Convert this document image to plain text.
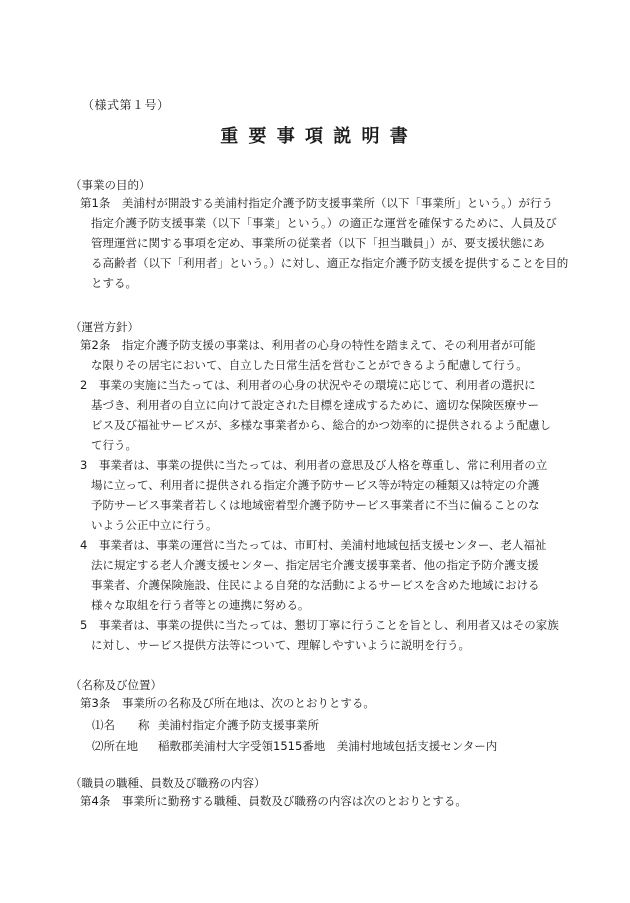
（様式第１号）
重 要 事 項 説 明 書
（事業の目的）
第1条　美浦村が開設する美浦村指定介護予防支援事業所（以下「事業所」という。）が行う
指定介護予防支援事業（以下「事業」という。）の適正な運営を確保するために、人員及び
管理運営に関する事項を定め、事業所の従業者（以下「担当職員」）が、要支援状態にあ
る高齢者（以下「利用者」という。）に対し、適正な指定介護予防支援を提供することを目的
とする。
（運営方針）
第2条　指定介護予防支援の事業は、利用者の心身の特性を踏まえて、その利用者が可能
な限りその居宅において、自立した日常生活を営むことができるよう配慮して行う。
2　事業の実施に当たっては、利用者の心身の状況やその環境に応じて、利用者の選択に
基づき、利用者の自立に向けて設定された目標を達成するために、適切な保険医療サー
ビス及び福祉サービスが、多様な事業者から、総合的かつ効率的に提供されるよう配慮し
て行う。
3　事業者は、事業の提供に当たっては、利用者の意思及び人格を尊重し、常に利用者の立
場に立って、利用者に提供される指定介護予防サービス等が特定の種類又は特定の介護
予防サービス事業者若しくは地域密着型介護予防サービス事業者に不当に偏ることのな
いよう公正中立に行う。
4　事業者は、事業の運営に当たっては、市町村、美浦村地域包括支援センター、老人福祉
法に規定する老人介護支援センター、指定居宅介護支援事業者、他の指定予防介護支援
事業者、介護保険施設、住民による自発的な活動によるサービスを含めた地域における
様々な取組を行う者等との連携に努める。
5　事業者は、事業の提供に当たっては、懇切丁寧に行うことを旨とし、利用者又はその家族
に対し、サービス提供方法等について、理解しやすいように説明を行う。
（名称及び位置）
第3条　事業所の名称及び所在地は、次のとおりとする。
⑴名　　称 美浦村指定介護予防支援事業所
⑵所在地 稲敷郡美浦村大字受領1515番地　美浦村地域包括支援センター内
（職員の職種、員数及び職務の内容）
第4条　事業所に勤務する職種、員数及び職務の内容は次のとおりとする。
